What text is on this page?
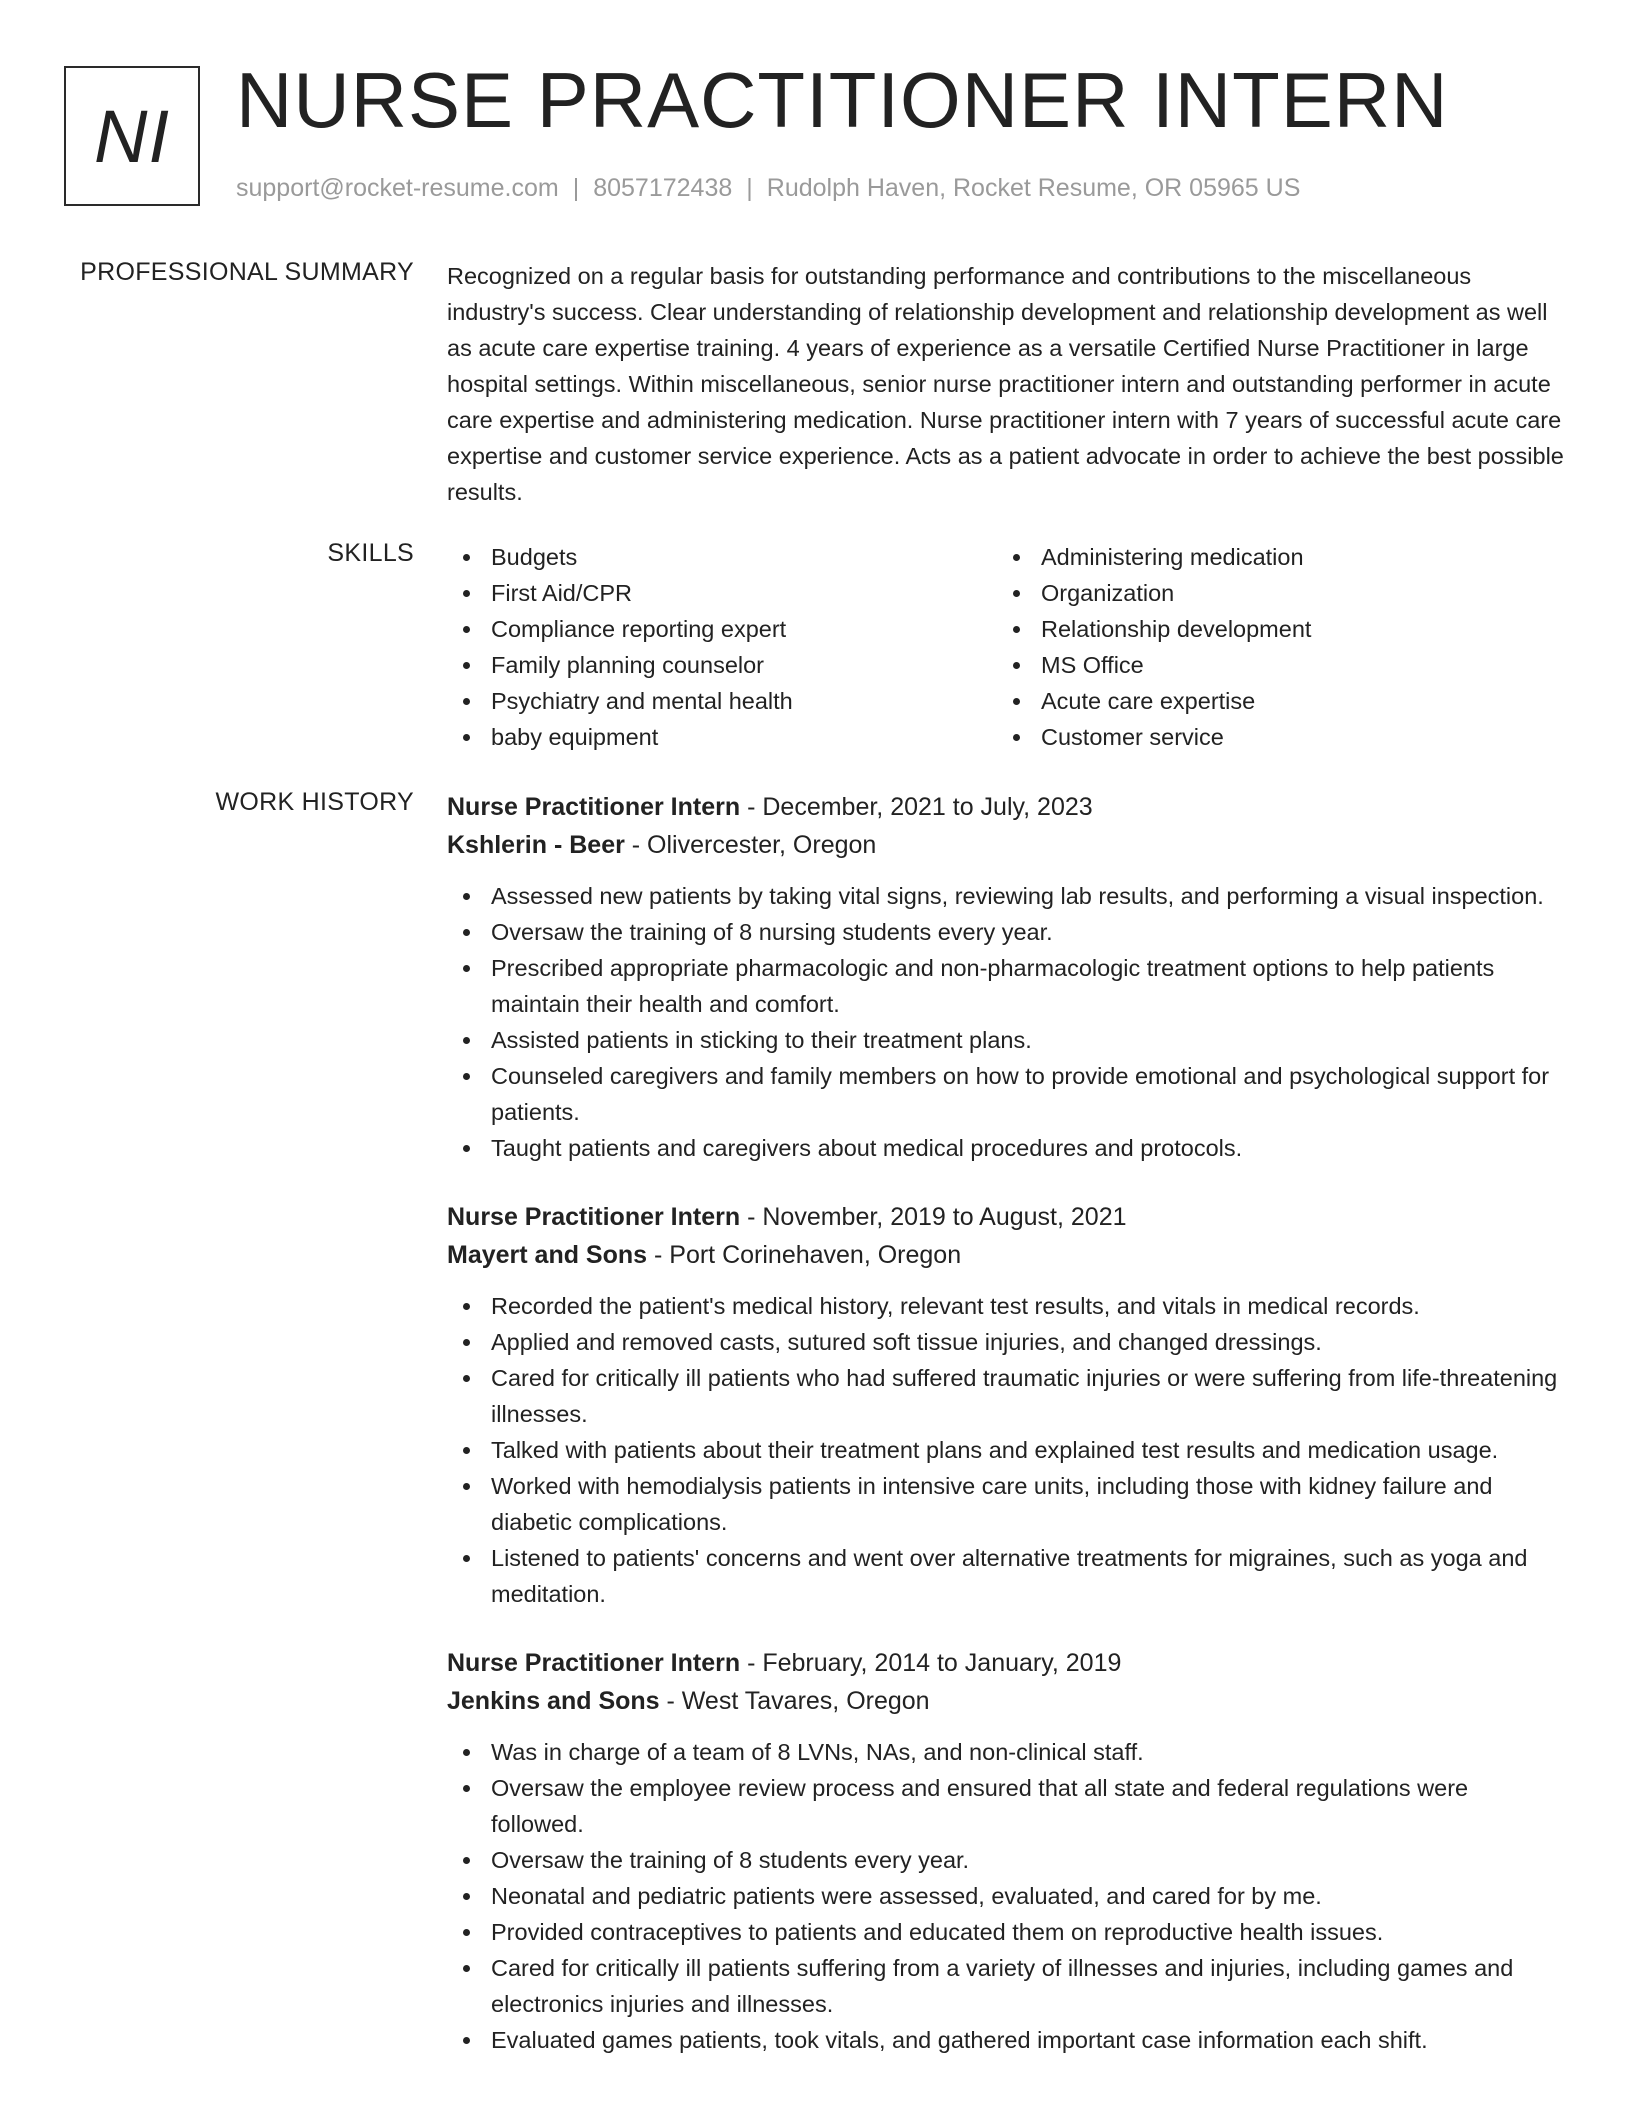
NI NURSE PRACTITIONER INTERN
support@rocket-resume.com | 8057172438 | Rudolph Haven, Rocket Resume, OR 05965 US
PROFESSIONAL SUMMARY Recognized on a regular basis for outstanding performance and contributions to the miscellaneous industry's success. Clear understanding of relationship development and relationship development as well as acute care expertise training. 4 years of experience as a versatile Certified Nurse Practitioner in large hospital settings. Within miscellaneous, senior nurse practitioner intern and outstanding performer in acute care expertise and administering medication. Nurse practitioner intern with 7 years of successful acute care expertise and customer service experience. Acts as a patient advocate in order to achieve the best possible results.

SKILLS	Budgets
First Aid/CPR
Compliance reporting expert
Family planning counselor
Psychiatry and mental health
baby equipment
Administering medication
Organization
Relationship development
MS Office
Acute care expertise
Customer service
WORK HISTORY Nurse Practitioner Intern - December, 2021 to July, 2023
Kshlerin - Beer - Olivercester, Oregon
Assessed new patients by taking vital signs, reviewing lab results, and performing a visual inspection.
Oversaw the training of 8 nursing students every year.
Prescribed appropriate pharmacologic and non-pharmacologic treatment options to help patients maintain their health and comfort.
Assisted patients in sticking to their treatment plans.
Counseled caregivers and family members on how to provide emotional and psychological support for patients.
Taught patients and caregivers about medical procedures and protocols.
Nurse Practitioner Intern - November, 2019 to August, 2021
Mayert and Sons - Port Corinehaven, Oregon
Recorded the patient's medical history, relevant test results, and vitals in medical records.
Applied and removed casts, sutured soft tissue injuries, and changed dressings.
Cared for critically ill patients who had suffered traumatic injuries or were suffering from life-threatening illnesses.
Talked with patients about their treatment plans and explained test results and medication usage.
Worked with hemodialysis patients in intensive care units, including those with kidney failure and diabetic complications.
Listened to patients' concerns and went over alternative treatments for migraines, such as yoga and meditation.
Nurse Practitioner Intern - February, 2014 to January, 2019
Jenkins and Sons - West Tavares, Oregon
Was in charge of a team of 8 LVNs, NAs, and non-clinical staff.
Oversaw the employee review process and ensured that all state and federal regulations were followed.
Oversaw the training of 8 students every year.
Neonatal and pediatric patients were assessed, evaluated, and cared for by me.
Provided contraceptives to patients and educated them on reproductive health issues.
Cared for critically ill patients suffering from a variety of illnesses and injuries, including games and electronics injuries and illnesses.
Evaluated games patients, took vitals, and gathered important case information each shift.
